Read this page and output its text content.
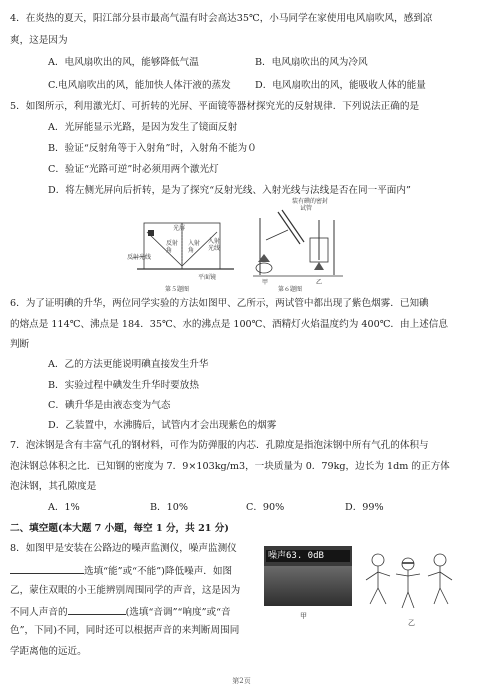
4．在炎热的夏天，阳江部分县市最高气温有时会高达35℃，小马同学在家使用电风扇吹风，感到凉
爽，这是因为
A．电风扇吹出的风，能够降低气温	B．电风扇吹出的风为冷风
C.电风扇吹出的风，能加快人体汗液的蒸发	D．电风扇吹出的风，能吸收人体的能量
5．如图所示，利用激光灯、可折转的光屏、平面镜等器材探究光的反射规律．下列说法正确的是
A．光屏能显示光路，是因为发生了镜面反射
B．验证“反射角等于入射角”时，入射角不能为０
C．验证“光路可逆”时必须用两个激光灯
D．将左侧光屏向后折转，是为了探究“反射光线、入射光线与法线是否在同一平面内”
光屏
反射光线
反射角
入射角
入射光线
平面镜
第５题图
装有碘的密封
试管
甲	乙
第６题图
6．为了证明碘的升华，两位同学实验的方法如图甲、乙所示，两试管中都出现了紫色烟雾．已知碘
的熔点是 114℃、沸点是 184．35℃、水的沸点是 100℃、酒精灯火焰温度约为 400℃．由上述信息
判断
A．乙的方法更能说明碘直接发生升华
B．实验过程中碘发生升华时要放热
C．碘升华是由液态变为气态
D．乙装置中，水沸腾后，试管内才会出现紫色的烟雾
7．泡沫钢是含有丰富气孔的钢材料，可作为防弹服的内芯．孔隙度是指泡沫钢中所有气孔的体积与
泡沫钢总体积之比．已知钢的密度为 7．9×103kg/m3，一块质量为 0．79kg，边长为 1dm 的正方体
泡沫钢，其孔隙度是
A．1%	B．10%	C．90%	D．99%
二、填空题(本大题 7 小题，每空 1 分，共 21 分)
8．如图甲是安装在公路边的噪声监测仪，噪声监测仪
选填“能”或“不能”)降低噪声．如图
乙，蒙住双眼的小王能辨别周围同学的声音，这是因为
不同人声音的	(选填“音调”“响度”或“音
色”，下同)不同，同时还可以根据声音的来判断周围同
学距离他的远近。
噪声63. 0dB
甲
乙
第2页
